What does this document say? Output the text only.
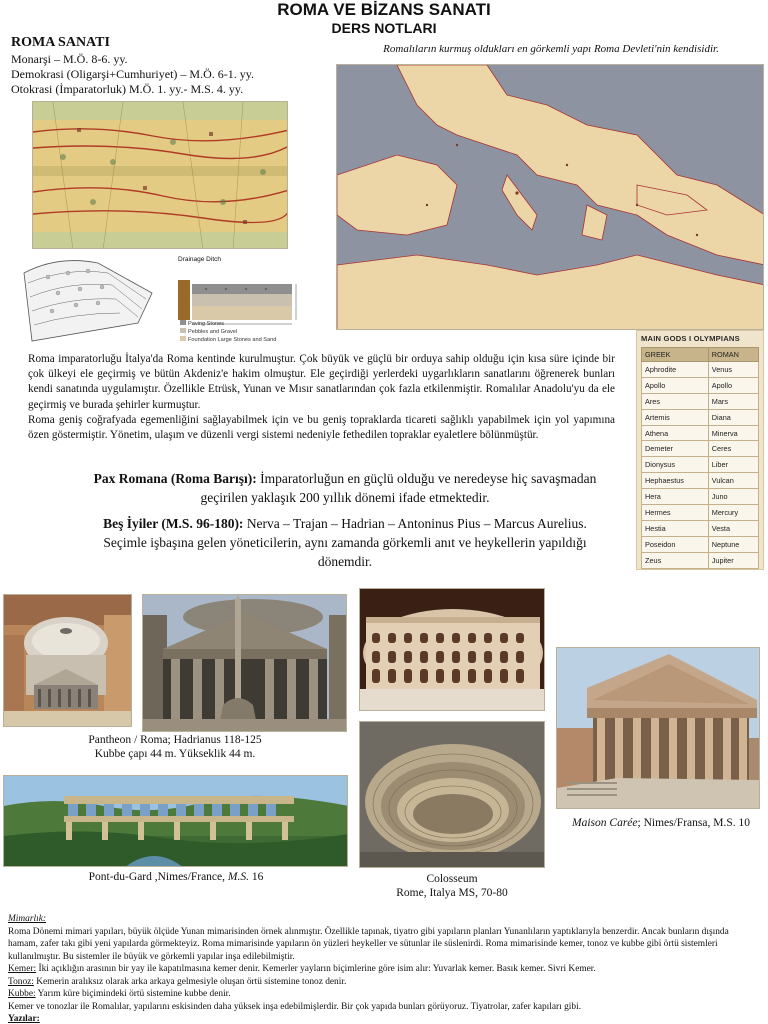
ROMA VE BİZANS SANATI
DERS NOTLARI
ROMA SANATI
Monarşi – M.Ö. 8-6. yy.
Demokrasi (Oligarşi+Cumhuriyet) – M.Ö. 6-1. yy.
Otokrasi (İmparatorluk) M.Ö. 1. yy.- M.S. 4. yy.
Romalıların kurmuş oldukları en görkemli yapı Roma Devleti'nin kendisidir.
Drainage Ditch
Paving Stones
Pebbles and Gravel
Foundation Large Stones and Sand

Roma imparatorluğu İtalya'da Roma kentinde kurulmuştur. Çok büyük ve güçlü bir orduya sahip olduğu için kısa süre içinde bir çok ülkeyi ele geçirmiş ve bütün Akdeniz'e hakim olmuştur. Ele geçirdiği yerlerdeki uygarlıkların sanatlarını öğrenerek bunları kendi sanatında uygulamıştır. Özellikle Etrüsk, Yunan ve Mısır sanatlarından çok fazla etkilenmiştir. Romalılar Anadolu'yu da ele geçirmiş ve burada şehirler kurmuştur.

Roma geniş coğrafyada egemenliğini sağlayabilmek için ve bu geniş topraklarda ticareti sağlıklı yapabilmek için yol yapımına özen göstermiştir. Yönetim, ulaşım ve düzenli vergi sistemi nedeniyle fethedilen topraklar eyaletlere bölünmüştür.

Pax Romana (Roma Barışı): İmparatorluğun en güçlü olduğu ve neredeyse hiç savaşmadan geçirilen yaklaşık 200 yıllık dönemi ifade etmektedir.
Beş İyiler (M.S. 96-180): Nerva – Trajan – Hadrian – Antoninus Pius – Marcus Aurelius. Seçimle işbaşına gelen yöneticilerin, aynı zamanda görkemli anıt ve heykellerin yapıldığı dönemdir.
MAIN GODS I OLYMPIANS
GREEK	ROMAN
Aphrodite	Venus
Apollo	Apollo
Ares	Mars
Artemis	Diana
Athena	Minerva
Demeter	Ceres
Dionysus	Liber
Hephaestus	Vulcan
Hera	Juno
Hermes	Mercury
Hestia	Vesta
Poseidon	Neptune
Zeus	Jupiter
Pantheon / Roma; Hadrianus 118-125
Kubbe çapı 44 m. Yükseklik 44 m.
Pont-du-Gard ,Nimes/France, M.S. 16	Colosseum
Rome, Italya MS, 70-80
Maison Carée; Nimes/Fransa, M.S. 10
Mimarlık:
Roma Dönemi mimari yapıları, büyük ölçüde Yunan mimarisinden örnek alınmıştır. Özellikle tapınak, tiyatro gibi yapıların planları Yunanlıların yaptıklarıyla benzerdir. Ancak bunların dışında hamam, zafer takı gibi yeni yapılarda görmekteyiz. Roma mimarisinde yapıların ön yüzleri heykeller ve sütunlar ile süslenirdi. Roma mimarisinde kemer, tonoz ve kubbe gibi örtü sistemleri kullanılmıştır. Bu sistemler ile büyük ve görkemli yapılar inşa edilebilmiştir.
Kemer: İki açıklığın arasının bir yay ile kapatılmasına kemer denir. Kemerler yayların biçimlerine göre isim alır: Yuvarlak kemer. Basık kemer. Sivri Kemer.
Tonoz: Kemerin aralıksız olarak arka arkaya gelmesiyle oluşan örtü sistemine tonoz denir.
Kubbe: Yarım küre biçimindeki örtü sistemine kubbe denir.
Kemer ve tonozlar ile Romalılar, yapılarını eskisinden daha yüksek inşa edebilmişlerdir. Bir çok yapıda bunları görüyoruz. Tiyatrolar, zafer kapıları gibi.
Yazılar:
